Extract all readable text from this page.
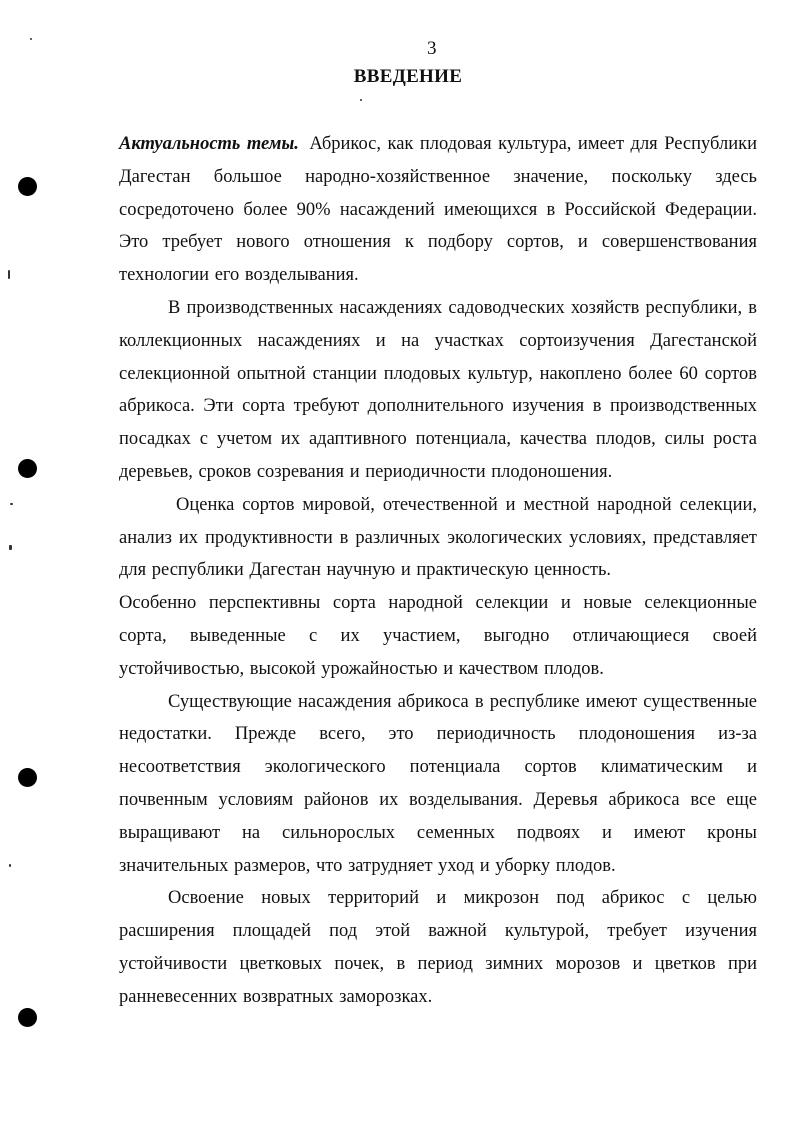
3
ВВЕДЕНИЕ

Актуальность темы. Абрикос, как плодовая культура, имеет для Республики Дагестан большое народно-хозяйственное значение, поскольку здесь сосредоточено более 90% насаждений имеющихся в Российской Федерации. Это требует нового отношения к подбору сортов, и совершенствования технологии его возделывания.

В производственных насаждениях садоводческих хозяйств республики, в коллекционных насаждениях и на участках сортоизучения Дагестанской селекционной опытной станции плодовых культур, накоплено более 60 сортов абрикоса. Эти сорта требуют дополнительного изучения в производственных посадках с учетом их адаптивного потенциала, качества плодов, силы роста деревьев, сроков созревания и периодичности плодоношения.

Оценка сортов мировой, отечественной и местной народной селекции, анализ их продуктивности в различных экологических условиях, представляет для республики Дагестан научную и практическую ценность.

Особенно перспективны сорта народной селекции и новые селекционные сорта, выведенные с их участием, выгодно отличающиеся своей устойчивостью, высокой урожайностью и качеством плодов.

Существующие насаждения абрикоса в республике имеют существенные недостатки. Прежде всего, это периодичность плодоношения из-за несоответствия экологического потенциала сортов климатическим и почвенным условиям районов их возделывания. Деревья абрикоса все еще выращивают на сильнорослых семенных подвоях и имеют кроны значительных размеров, что затрудняет уход и уборку плодов.

Освоение новых территорий и микрозон под абрикос с целью расширения площадей под этой важной культурой, требует изучения устойчивости цветковых почек, в период зимних морозов и цветков при ранневесенних возвратных заморозках.
